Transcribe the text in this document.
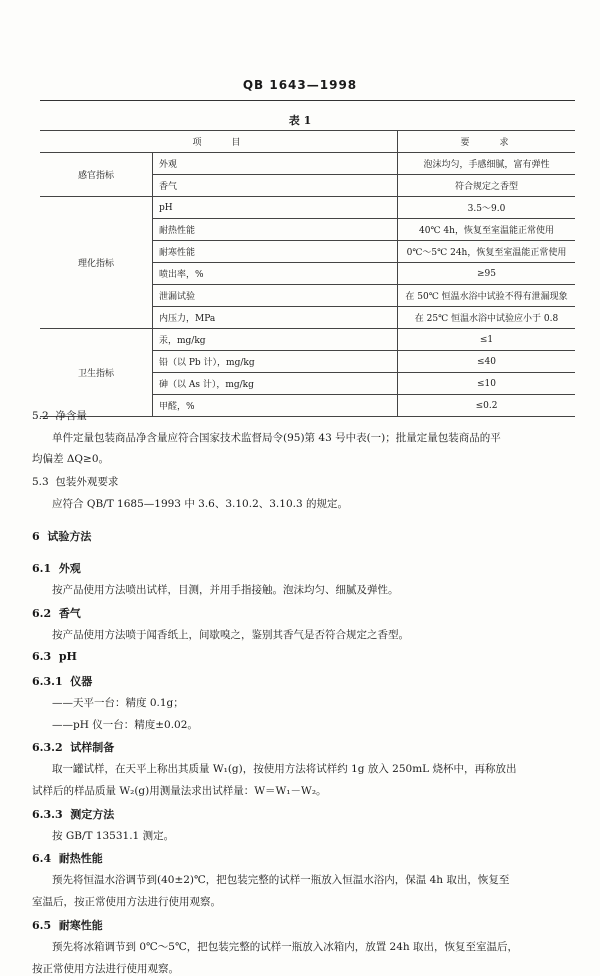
QB 1643—1998
表 1
项　　目		要　　求
感官指标	外观	泡沫均匀，手感细腻，富有弹性
	香气	符合规定之香型
理化指标	pH	3.5～9.0
	耐热性能	40℃ 4h，恢复至室温能正常使用
	耐寒性能	0℃～5℃ 24h，恢复至室温能正常使用
	喷出率，%	≥95
	泄漏试验	在 50℃ 恒温水浴中试验不得有泄漏现象
	内压力，MPa	在 25℃ 恒温水浴中试验应小于 0.8
卫生指标	汞，mg/kg	≤1
	铅（以 Pb 计），mg/kg	≤40
	砷（以 As 计），mg/kg	≤10
	甲醛，%	≤0.2
5.2 净含量
单件定量包装商品净含量应符合国家技术监督局令(95)第 43 号中表(一)；批量定量包装商品的平
均偏差 ΔQ≥0。
5.3 包装外观要求
应符合 QB/T 1685—1993 中 3.6、3.10.2、3.10.3 的规定。
6 试验方法
6.1 外观
按产品使用方法喷出试样，目测，并用手指接触。泡沫均匀、细腻及弹性。
6.2 香气
按产品使用方法喷于闻香纸上，间歇嗅之，鉴别其香气是否符合规定之香型。
6.3 pH
6.3.1 仪器
——天平一台：精度 0.1g；
——pH 仪一台：精度±0.02。
6.3.2 试样制备
取一罐试样，在天平上称出其质量 W₁(g)，按使用方法将试样约 1g 放入 250mL 烧杯中，再称放出
试样后的样品质量 W₂(g)用测量法求出试样量：W＝W₁－W₂。
6.3.3 测定方法
按 GB/T 13531.1 测定。
6.4 耐热性能
预先将恒温水浴调节到(40±2)℃，把包装完整的试样一瓶放入恒温水浴内，保温 4h 取出，恢复至
室温后，按正常使用方法进行使用观察。
6.5 耐寒性能
预先将冰箱调节到 0℃～5℃，把包装完整的试样一瓶放入冰箱内，放置 24h 取出，恢复至室温后，
按正常使用方法进行使用观察。
